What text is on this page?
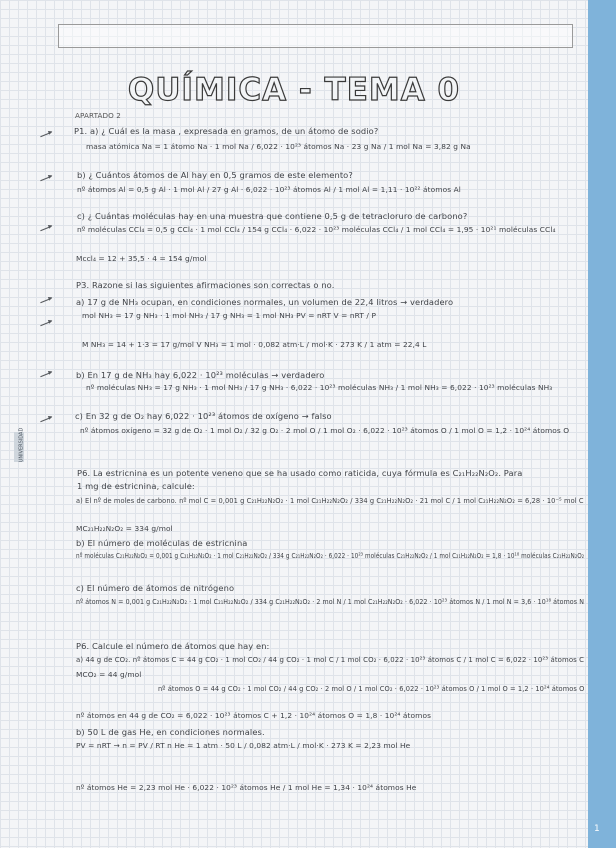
UNIVERSIDAD
1
QUÍMICA - TEMA 0
APARTADO 2
P1. a) ¿ Cuál es la masa , expresada en gramos, de un átomo de sodio?
masa atómica Na = 1 átomo Na · 1 mol Na / 6,022 · 10²³ átomos Na · 23 g Na / 1 mol Na = 3,82 g Na
b) ¿ Cuántos átomos de Al hay en 0,5 gramos de este elemento?
nº átomos Al = 0,5 g Al · 1 mol Al / 27 g Al · 6,022 · 10²³ átomos Al / 1 mol Al = 1,11 · 10²² átomos Al
c) ¿ Cuántas moléculas hay en una muestra que contiene 0,5 g de tetracloruro de carbono?
nº moléculas CCl₄ = 0,5 g CCl₄ · 1 mol CCl₄ / 154 g CCl₄ · 6,022 · 10²³ moléculas CCl₄ / 1 mol CCl₄ = 1,95 · 10²¹ moléculas CCl₄
Mccl₄ = 12 + 35,5 · 4 = 154 g/mol
P3. Razone si las siguientes afirmaciones son correctas o no.
a) 17 g de NH₃ ocupan, en condiciones normales, un volumen de 22,4 litros → verdadero
mol NH₃ = 17 g NH₃ · 1 mol NH₃ / 17 g NH₃ = 1 mol NH₃ PV = nRT V = nRT / P
M NH₃ = 14 + 1·3 = 17 g/mol V NH₃ = 1 mol · 0,082 atm·L / mol·K · 273 K / 1 atm = 22,4 L
b) En 17 g de NH₃ hay 6,022 · 10²³ moléculas → verdadero
nº moléculas NH₃ = 17 g NH₃ · 1 mol NH₃ / 17 g NH₃ · 6,022 · 10²³ moléculas NH₃ / 1 mol NH₃ = 6,022 · 10²³ moléculas NH₃
c) En 32 g de O₂ hay 6,022 · 10²³ átomos de oxígeno → falso
nº átomos oxígeno = 32 g de O₂ · 1 mol O₂ / 32 g O₂ · 2 mol O / 1 mol O₂ · 6,022 · 10²³ átomos O / 1 mol O = 1,2 · 10²⁴ átomos O
P6. La estricnina es un potente veneno que se ha usado como raticida, cuya fórmula es C₂₁H₂₂N₂O₂. Para
1 mg de estricnina, calcule:
a) El nº de moles de carbono. nº mol C = 0,001 g C₂₁H₂₂N₂O₂ · 1 mol C₂₁H₂₂N₂O₂ / 334 g C₂₁H₂₂N₂O₂ · 21 mol C / 1 mol C₂₁H₂₂N₂O₂ = 6,28 · 10⁻⁵ mol C
MC₂₁H₂₂N₂O₂ = 334 g/mol
b) El número de moléculas de estricnina
nº moléculas C₂₁H₂₂N₂O₂ = 0,001 g C₂₁H₂₂N₂O₂ · 1 mol C₂₁H₂₂N₂O₂ / 334 g C₂₁H₂₂N₂O₂ · 6,022 · 10²³ moléculas C₂₁H₂₂N₂O₂ / 1 mol C₂₁H₂₂N₂O₂ = 1,8 · 10¹⁸ moléculas C₂₁H₂₂N₂O₂
c) El número de átomos de nitrógeno
nº átomos N = 0,001 g C₂₁H₂₂N₂O₂ · 1 mol C₂₁H₂₂N₂O₂ / 334 g C₂₁H₂₂N₂O₂ · 2 mol N / 1 mol C₂₁H₂₂N₂O₂ · 6,022 · 10²³ átomos N / 1 mol N = 3,6 · 10¹⁸ átomos N
P6. Calcule el número de átomos que hay en:
a) 44 g de CO₂. nº átomos C = 44 g CO₂ · 1 mol CO₂ / 44 g CO₂ · 1 mol C / 1 mol CO₂ · 6,022 · 10²³ átomos C / 1 mol C = 6,022 · 10²³ átomos C
MCO₂ = 44 g/mol
nº átomos O = 44 g CO₂ · 1 mol CO₂ / 44 g CO₂ · 2 mol O / 1 mol CO₂ · 6,022 · 10²³ átomos O / 1 mol O = 1,2 · 10²⁴ átomos O
nº átomos en 44 g de CO₂ = 6,022 · 10²³ átomos C + 1,2 · 10²⁴ átomos O = 1,8 · 10²⁴ átomos
b) 50 L de gas He, en condiciones normales.
PV = nRT → n = PV / RT n He = 1 atm · 50 L / 0,082 atm·L / mol·K · 273 K = 2,23 mol He
nº átomos He = 2,23 mol He · 6,022 · 10²³ átomos He / 1 mol He = 1,34 · 10²⁴ átomos He
